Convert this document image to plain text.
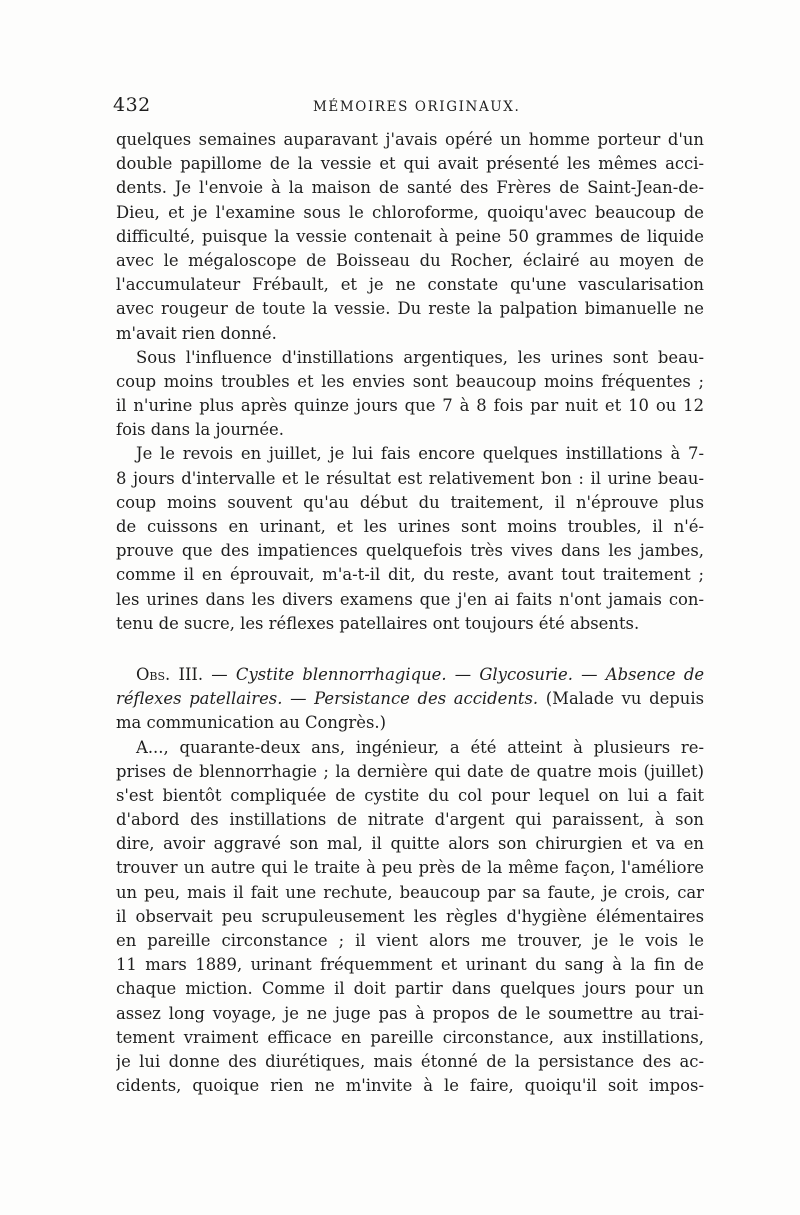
432	MÉMOIRES ORIGINAUX.
quelques semaines auparavant j'avais opéré un homme porteur d'un
double papillome de la vessie et qui avait présenté les mêmes acci-
dents. Je l'envoie à la maison de santé des Frères de Saint-Jean-de-
Dieu, et je l'examine sous le chloroforme, quoiqu'avec beaucoup de
difficulté, puisque la vessie contenait à peine 50 grammes de liquide
avec le mégaloscope de Boisseau du Rocher, éclairé au moyen de
l'accumulateur Frébault, et je ne constate qu'une vascularisation
avec rougeur de toute la vessie. Du reste la palpation bimanuelle ne
m'avait rien donné.
Sous l'influence d'instillations argentiques, les urines sont beau-
coup moins troubles et les envies sont beaucoup moins fréquentes ;
il n'urine plus après quinze jours que 7 à 8 fois par nuit et 10 ou 12
fois dans la journée.
Je le revois en juillet, je lui fais encore quelques instillations à 7-
8 jours d'intervalle et le résultat est relativement bon : il urine beau-
coup moins souvent qu'au début du traitement, il n'éprouve plus
de cuissons en urinant, et les urines sont moins troubles, il n'é-
prouve que des impatiences quelquefois très vives dans les jambes,
comme il en éprouvait, m'a-t-il dit, du reste, avant tout traitement ;
les urines dans les divers examens que j'en ai faits n'ont jamais con-
tenu de sucre, les réflexes patellaires ont toujours été absents.
Obs. III. — Cystite blennorrhagique. — Glycosurie. — Absence de
réflexes patellaires. — Persistance des accidents. (Malade vu depuis
ma communication au Congrès.)
A..., quarante-deux ans, ingénieur, a été atteint à plusieurs re-
prises de blennorrhagie ; la dernière qui date de quatre mois (juillet)
s'est bientôt compliquée de cystite du col pour lequel on lui a fait
d'abord des instillations de nitrate d'argent qui paraissent, à son
dire, avoir aggravé son mal, il quitte alors son chirurgien et va en
trouver un autre qui le traite à peu près de la même façon, l'améliore
un peu, mais il fait une rechute, beaucoup par sa faute, je crois, car
il observait peu scrupuleusement les règles d'hygiène élémentaires
en pareille circonstance ; il vient alors me trouver, je le vois le
11 mars 1889, urinant fréquemment et urinant du sang à la fin de
chaque miction. Comme il doit partir dans quelques jours pour un
assez long voyage, je ne juge pas à propos de le soumettre au trai-
tement vraiment efficace en pareille circonstance, aux instillations,
je lui donne des diurétiques, mais étonné de la persistance des ac-
cidents, quoique rien ne m'invite à le faire, quoiqu'il soit impos-
